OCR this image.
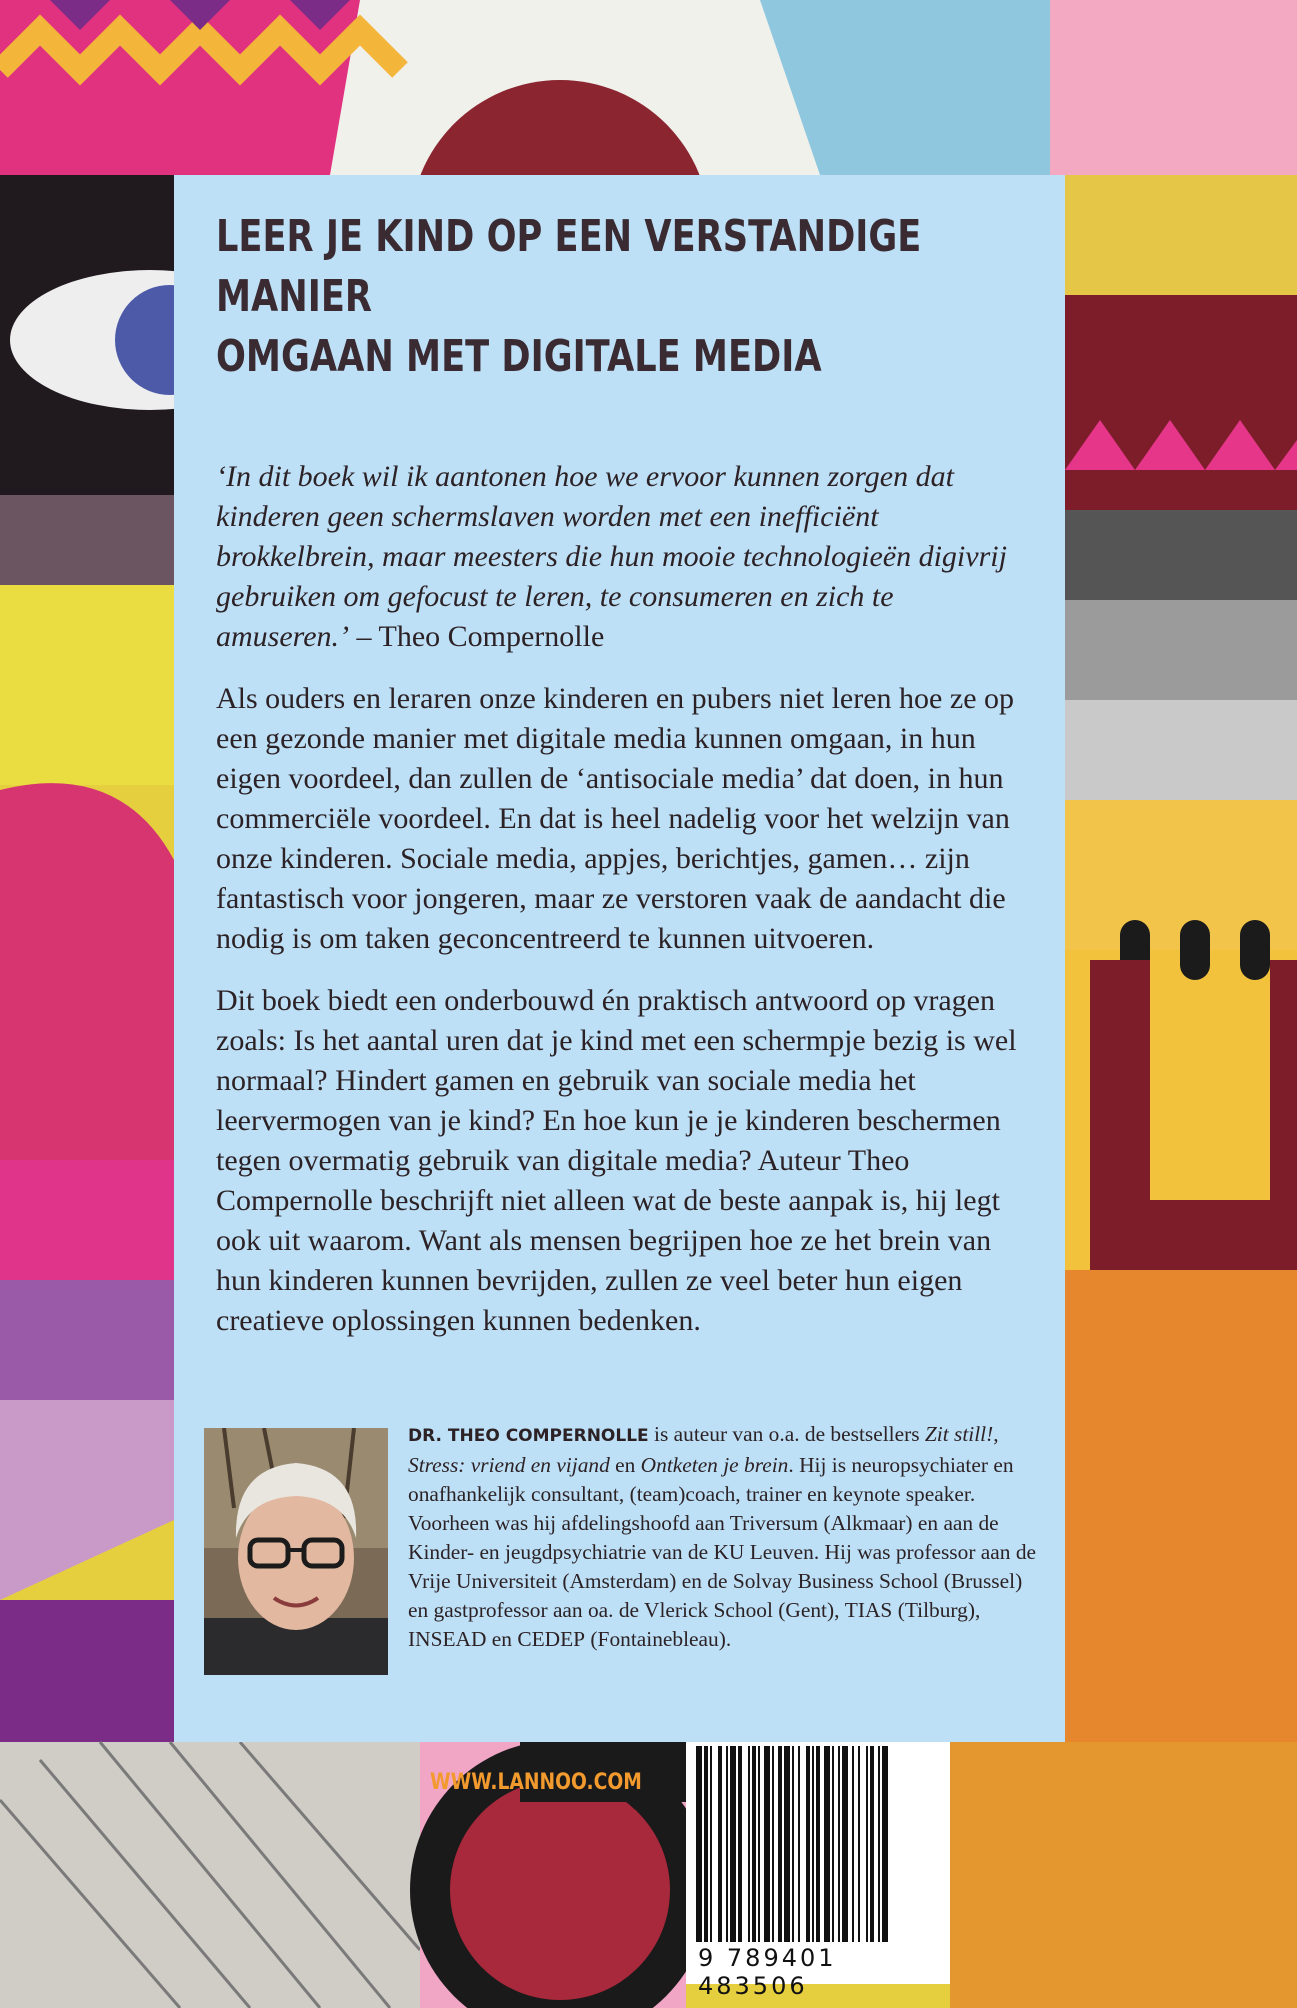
LEER JE KIND OP EEN VERSTANDIGE MANIER
OMGAAN MET DIGITALE MEDIA

‘In dit boek wil ik aantonen hoe we ervoor kunnen zorgen dat kinderen geen schermslaven worden met een inefficiënt brokkelbrein, maar meesters die hun mooie technologieën digivrij gebruiken om gefocust te leren, te consumeren en zich te amuseren.’ – Theo Compernolle

Als ouders en leraren onze kinderen en pubers niet leren hoe ze op een gezonde manier met digitale media kunnen omgaan, in hun eigen voordeel, dan zullen de ‘antisociale media’ dat doen, in hun commerciële voordeel. En dat is heel nadelig voor het welzijn van onze kinderen. Sociale media, appjes, berichtjes, gamen… zijn fantastisch voor jongeren, maar ze verstoren vaak de aandacht die nodig is om taken geconcentreerd te kunnen uitvoeren.

Dit boek biedt een onderbouwd én praktisch antwoord op vragen zoals: Is het aantal uren dat je kind met een schermpje bezig is wel normaal? Hindert gamen en gebruik van sociale media het leervermogen van je kind? En hoe kun je je kinderen beschermen tegen overmatig gebruik van digitale media? Auteur Theo Compernolle beschrijft niet alleen wat de beste aanpak is, hij legt ook uit waarom. Want als mensen begrijpen hoe ze het brein van hun kinderen kunnen bevrijden, zullen ze veel beter hun eigen creatieve oplossingen kunnen bedenken.

DR. THEO COMPERNOLLE is auteur van o.a. de bestsellers Zit still!, Stress: vriend en vijand en Ontketen je brein. Hij is neuropsychiater en onafhankelijk consultant, (team)coach, trainer en keynote speaker. Voorheen was hij afdelingshoofd aan Triversum (Alkmaar) en aan de Kinder- en jeugdpsychiatrie van de KU Leuven. Hij was professor aan de Vrije Universiteit (Amsterdam) en de Solvay Business School (Brussel) en gastprofessor aan oa. de Vlerick School (Gent), TIAS (Tilburg), INSEAD en CEDEP (Fontainebleau).

WWW.LANNOO.COM
9 789401 483506
